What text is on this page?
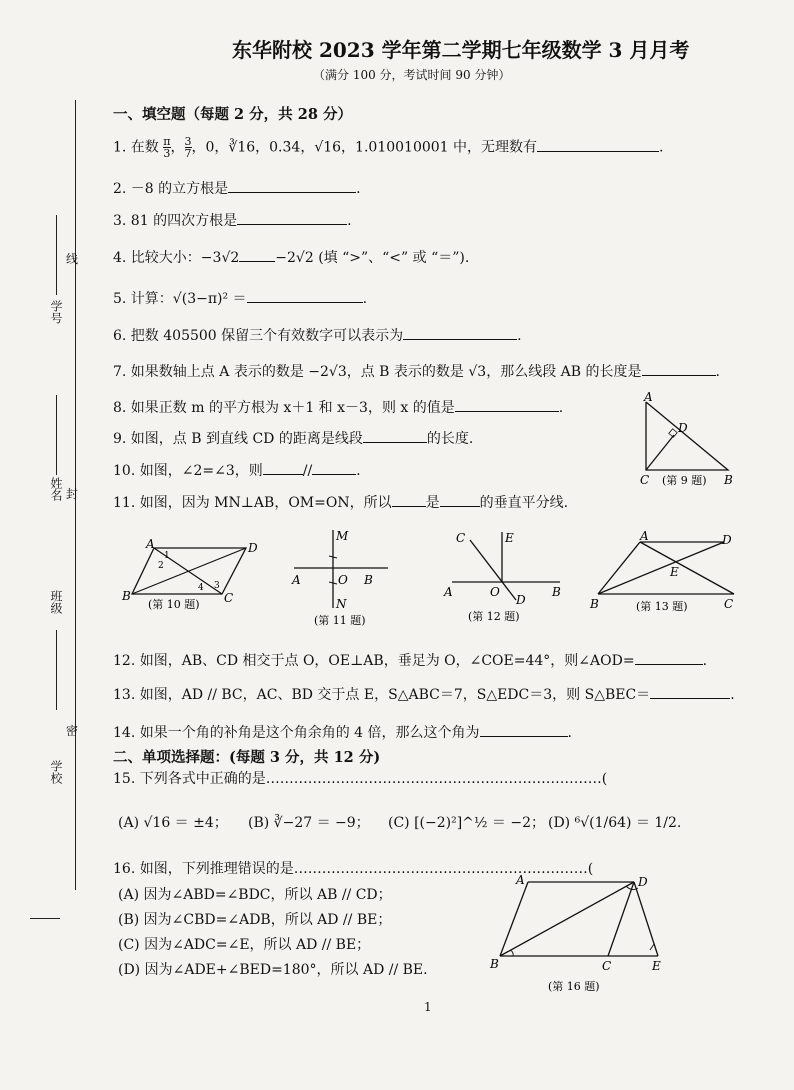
东华附校 2023 学年第二学期七年级数学 3 月月考
（满分 100 分，考试时间 90 分钟）
线
封
密
学号
姓名
班级
学校
一、填空题（每题 2 分，共 28 分）
1. 在数 $\frac{\pi}{3}$ ， $\frac{3}{7}$ ，0，∛16，0.3̇4̇，√16，1.010010001 中，无理数有	.
2. －8 的立方根是	.
3. 81 的四次方根是	.
4. 比较大小：−3√2	−2√2 (填 “>”、“<” 或 “＝”).
5. 计算：√(3−π)² ＝	.
6. 把数 405500 保留三个有效数字可以表示为	.
7. 如果数轴上点 A 表示的数是 −2√3，点 B 表示的数是 √3，那么线段 AB 的长度是	.
8. 如果正数 m 的平方根为 x＋1 和 x－3，则 x 的值是	.
9. 如图，点 B 到直线 CD 的距离是线段	的长度.
10. 如图，∠2=∠3，则	//	.
11. 如图，因为 MN⊥AB，OM=ON，所以 是	的垂直平分线.
A
D
C	B
(第 9 题)
A	D
B	C
1
2
3
4
(第 10 题)
M
A	O B
N
(第 11 题)
C	E
A	O
D
B
(第 12 题)
A	D
E
B	C
(第 13 题)
12. 如图，AB、CD 相交于点 O，OE⊥AB，垂足为 O，∠COE=44°，则∠AOD=	.
13. 如图，AD // BC，AC、BD 交于点 E，S△ABC＝7，S△EDC＝3，则 S△BEC＝	.
14. 如果一个角的补角是这个角余角的 4 倍，那么这个角为	.
二、单项选择题：(每题 3 分，共 12 分)
15. 下列各式中正确的是………………………………………………………………(
(A) √16 ＝ ±4； (B) ∛−27 ＝ −9； (C) [(−2)²]^½ ＝ −2； (D) ⁶√(1/64) ＝ 1/2.
16. 如图，下列推理错误的是………………………………………………………(
(A) 因为∠ABD=∠BDC，所以 AB // CD；
(B) 因为∠CBD=∠ADB，所以 AD // BE；
(C) 因为∠ADC=∠E，所以 AD // BE；
(D) 因为∠ADE+∠BED=180°，所以 AD // BE.
A	D
B	C	E
(第 16 题)
1
